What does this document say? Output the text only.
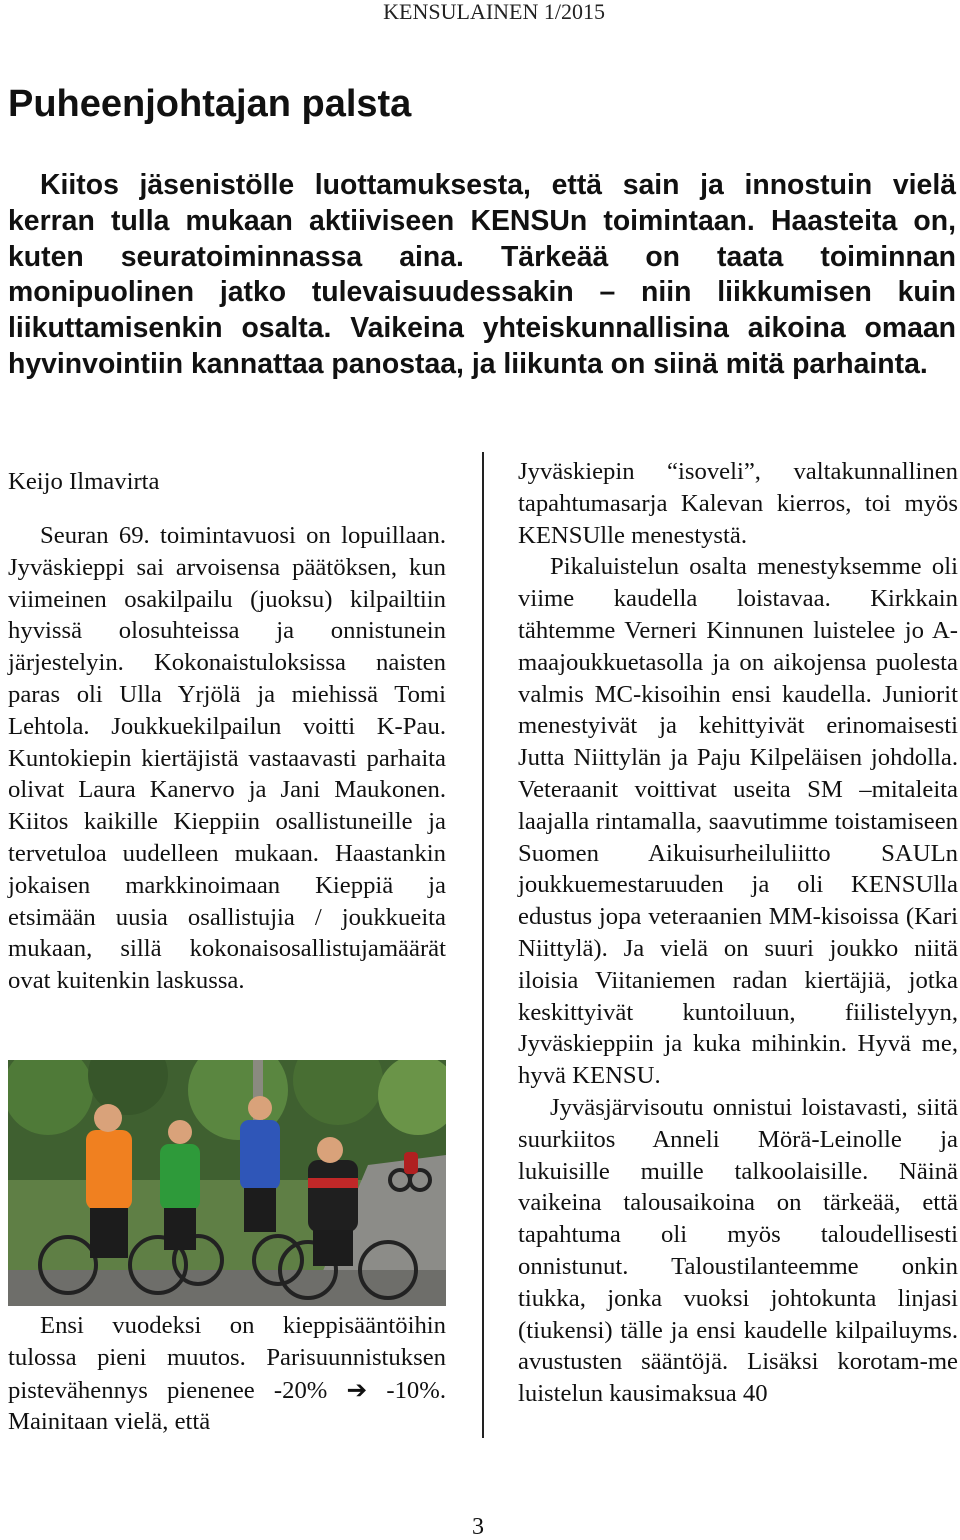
KENSULAINEN 1/2015
Puheenjohtajan palsta

Kiitos jäsenistölle luottamuksesta, että sain ja innostuin vielä kerran tulla mukaan aktiiviseen KENSUn toimintaan. Haasteita on, kuten seuratoiminnassa aina. Tärkeää on taata toiminnan monipuolinen jatko tulevaisuudessakin – niin liikkumisen kuin liikuttamisenkin osalta. Vaikeina yhteiskunnallisina aikoina omaan hyvinvointiin kannattaa panostaa, ja liikunta on siinä mitä parhainta.

Keijo Ilmavirta

Seuran 69. toimintavuosi on lopuillaan. Jyväskieppi sai arvoisensa päätöksen, kun viimeinen osakilpailu (juoksu) kilpailtiin hyvissä olosuhteissa ja onnistunein järjestelyin. Kokonaistuloksissa naisten paras oli Ulla Yrjölä ja miehissä Tomi Lehtola. Joukkuekilpailun voitti K-Pau. Kuntokiepin kiertäjistä vastaavasti parhaita olivat Laura Kanervo ja Jani Maukonen. Kiitos kaikille Kieppiin osallistuneille ja tervetuloa uudelleen mukaan. Haastankin jokaisen markkinoimaan Kieppiä ja etsimään uusia osallistujia / joukkueita mukaan, sillä kokonaisosallistujamäärät ovat kuitenkin laskussa.

Ensi vuodeksi on kieppisääntöihin tulossa pieni muutos. Parisuunnistuksen pistevähennys pienenee -20% ➔ -10%. Mainitaan vielä, että

Jyväskiepin “isoveli”, valtakunnallinen tapahtumasarja Kalevan kierros, toi myös KENSUlle menestystä.

Pikaluistelun osalta menestyksemme oli viime kaudella loistavaa. Kirkkain tähtemme Verneri Kinnunen luistelee jo A-maajoukkuetasolla ja on aikojensa puolesta valmis MC-kisoihin ensi kaudella. Juniorit menestyivät ja kehittyivät erinomaisesti Jutta Niittylän ja Paju Kilpeläisen johdolla. Veteraanit voittivat useita SM –mitaleita laajalla rintamalla, saavutimme toistamiseen Suomen Aikuisurheiluliitto SAULn joukkuemestaruuden ja oli KENSUlla edustus jopa veteraanien MM-kisoissa (Kari Niittylä). Ja vielä on suuri joukko niitä iloisia Viitaniemen radan kiertäjiä, jotka keskittyivät kuntoiluun, fiilistelyyn, Jyväskieppiin ja kuka mihinkin. Hyvä me, hyvä KENSU.

Jyväsjärvisoutu onnistui loistavasti, siitä suurkiitos Anneli Mörä-Leinolle ja lukuisille muille talkoolaisille. Näinä vaikeina talousaikoina on tärkeää, että tapahtuma oli myös taloudellisesti onnistunut. Taloustilanteemme onkin tiukka, jonka vuoksi johtokunta linjasi (tiukensi) tälle ja ensi kaudelle kilpailuyms. avustusten sääntöjä. Lisäksi korotam-me luistelun kausimaksua 40

3
